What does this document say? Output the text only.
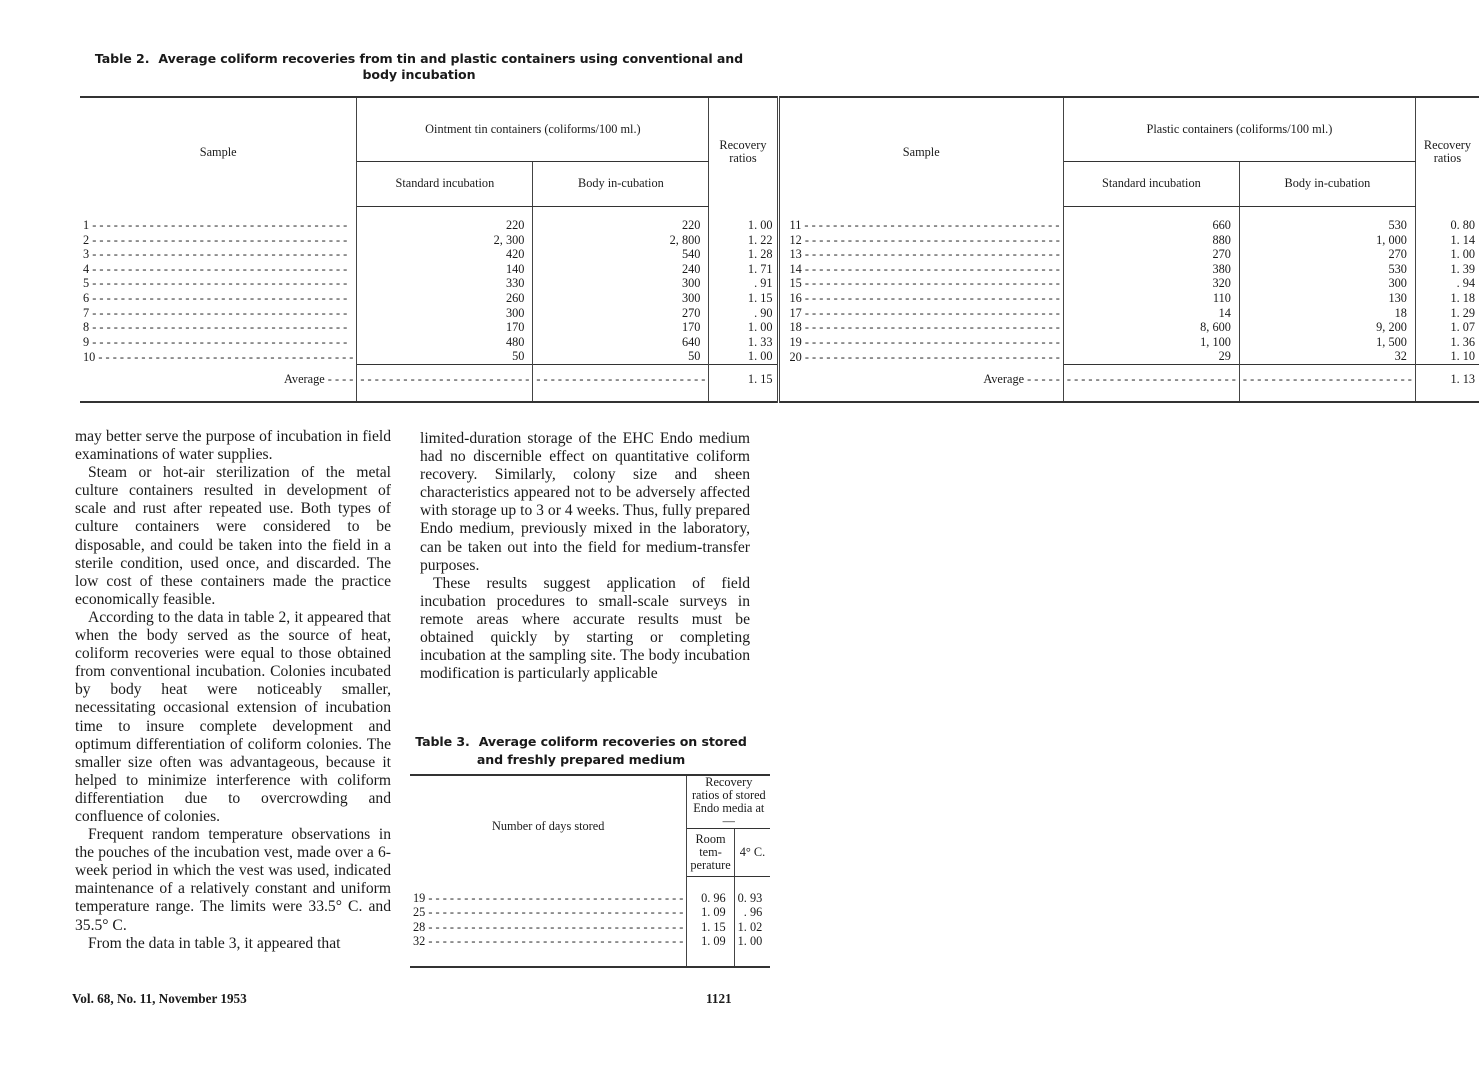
Table 2. Average coliform recoveries from tin and plastic containers using conventional and body incubation
Sample	Ointment tin containers (coliforms/100 ml.)		Recovery ratios	Sample	Plastic containers (coliforms/100 ml.)		Recovery ratios
	Standard incubation	Body in-cubation			Standard incubation	Body in-cubation	

1 - - -	220	220	1. 00	11 - - -	660	530	0. 80

2 - - -	2, 300	2, 800	1. 22	12 - - -	880	1, 000	1. 14

3 - - -	420	540	1. 28	13 - - -	270	270	1. 00

4 - - -	140	240	1. 71	14 - - -	380	530	1. 39

5 - - -	330	300	. 91	15 - - -	320	300	. 94

6 - - -	260	300	1. 15	16 - - -	110	130	1. 18

7 - - -	300	270	. 90	17 - - -	14	18	1. 29

8 - - -	170	170	1. 00	18 - - -	8, 600	9, 200	1. 07

9 - - -	480	640	1. 33	19 - - -	1, 100	1, 500	1. 36

10 - - -	50	50	1. 00	20 - - -	29	32	1. 10
Average - - - -	- - -	- - -	1. 15	Average - - - - -	- - -	- - -	1. 13

may better serve the purpose of incubation in field examinations of water supplies.

Steam or hot-air sterilization of the metal culture containers resulted in development of scale and rust after repeated use. Both types of culture containers were considered to be disposable, and could be taken into the field in a sterile condition, used once, and discarded. The low cost of these containers made the practice economically feasible.

According to the data in table 2, it appeared that when the body served as the source of heat, coliform recoveries were equal to those obtained from conventional incubation. Colonies incubated by body heat were noticeably smaller, necessitating occasional extension of incubation time to insure complete development and optimum differentiation of coliform colonies. The smaller size often was advantageous, because it helped to minimize interference with coliform differentiation due to overcrowding and confluence of colonies.

Frequent random temperature observations in the pouches of the incubation vest, made over a 6-week period in which the vest was used, indicated maintenance of a relatively constant and uniform temperature range. The limits were 33.5° C. and 35.5° C.

From the data in table 3, it appeared that

limited-duration storage of the EHC Endo medium had no discernible effect on quantitative coliform recovery. Similarly, colony size and sheen characteristics appeared not to be adversely affected with storage up to 3 or 4 weeks. Thus, fully prepared Endo medium, previously mixed in the laboratory, can be taken out into the field for medium-transfer purposes.

These results suggest application of field incubation procedures to small-scale surveys in remote areas where accurate results must be obtained quickly by starting or completing incubation at the sampling site. The body incubation modification is particularly applicable

Table 3. Average coliform recoveries on stored and freshly prepared medium
Number of days stored	Recovery ratios of stored Endo media at—	
	Room tem-perature	4° C.

19 - - -	0. 96	0. 93

25 - - -	1. 09	. 96

28 - - -	1. 15	1. 02

32 - - -	1. 09	1. 00

Vol. 68, No. 11, November 1953	1121
